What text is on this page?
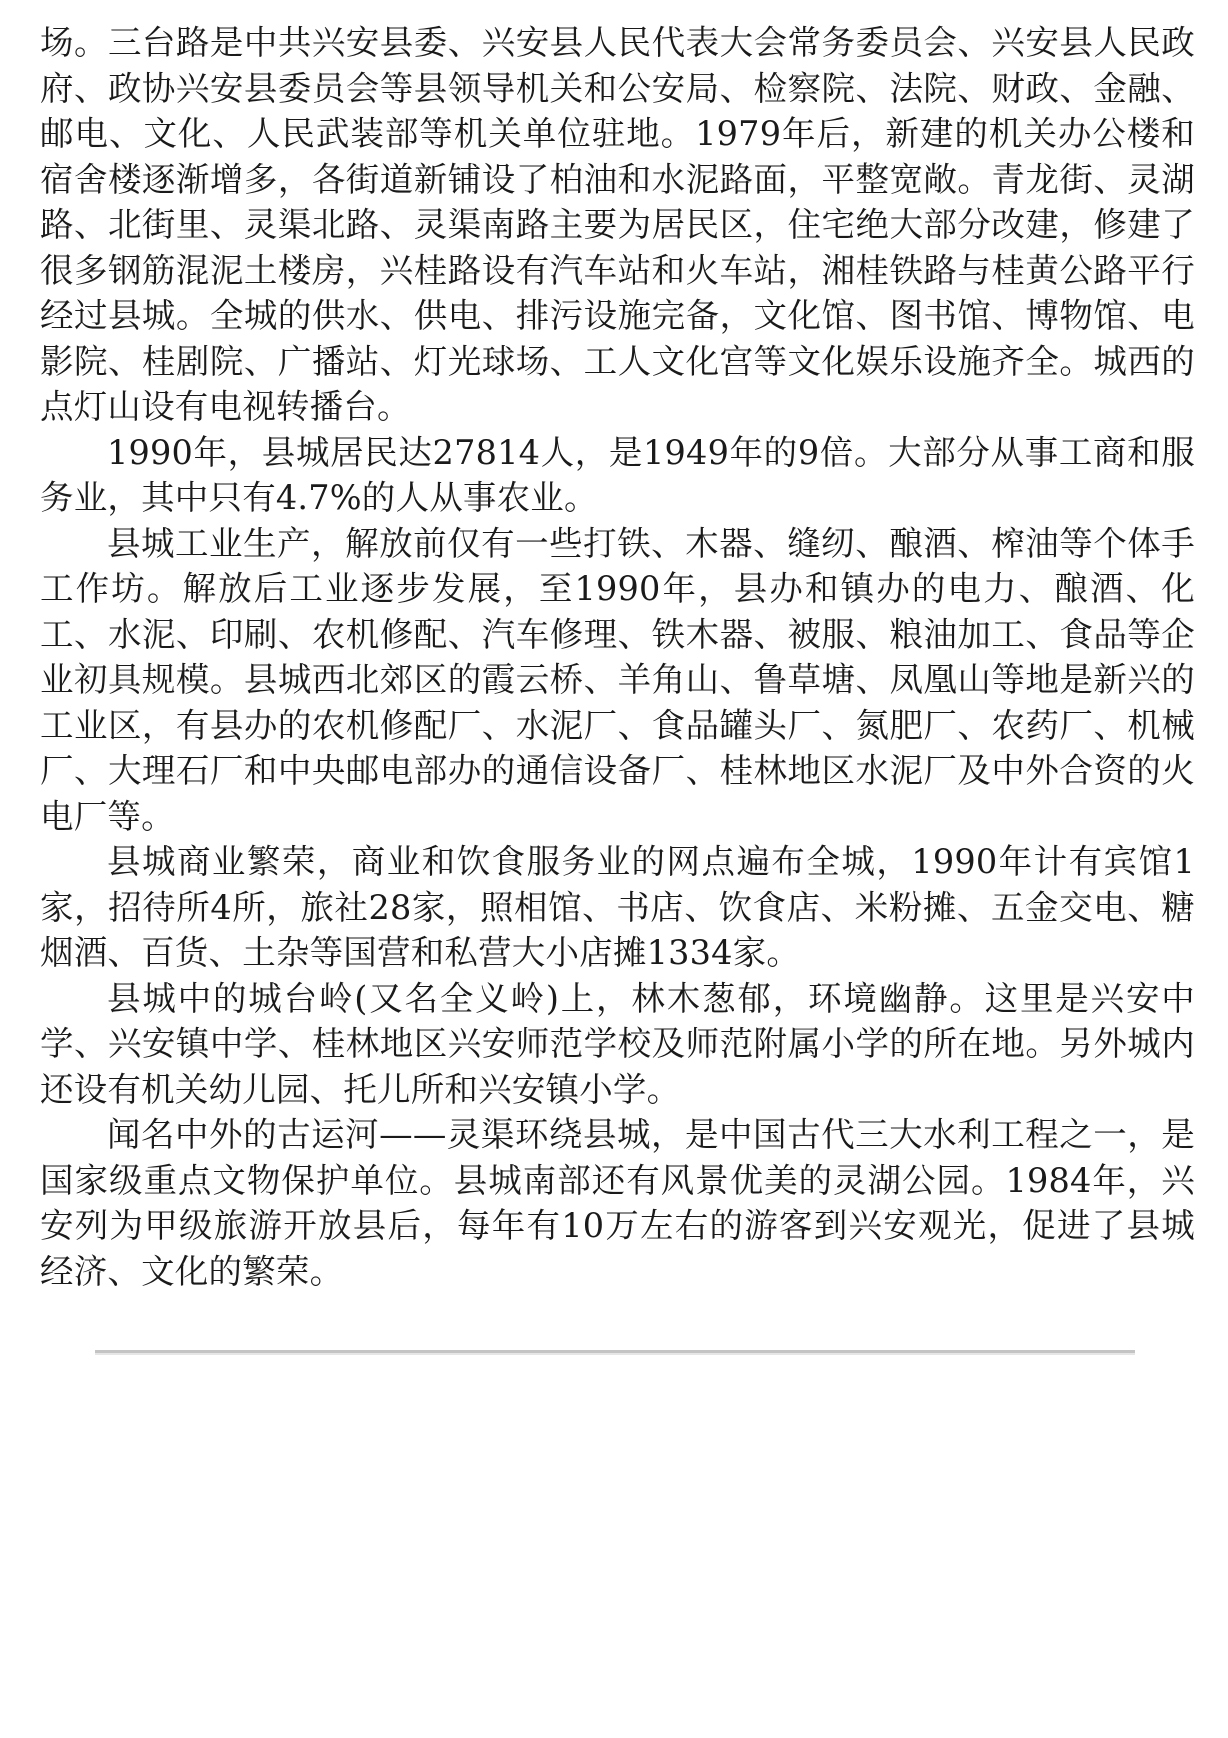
场。三台路是中共兴安县委、兴安县人民代表大会常务委员会、兴安县人民政府、政协兴安县委员会等县领导机关和公安局、检察院、法院、财政、金融、邮电、文化、人民武装部等机关单位驻地。1979年后，新建的机关办公楼和宿舍楼逐渐增多，各街道新铺设了柏油和水泥路面，平整宽敞。青龙街、灵湖路、北街里、灵渠北路、灵渠南路主要为居民区，住宅绝大部分改建，修建了很多钢筋混泥土楼房，兴桂路设有汽车站和火车站，湘桂铁路与桂黄公路平行经过县城。全城的供水、供电、排污设施完备，文化馆、图书馆、博物馆、电影院、桂剧院、广播站、灯光球场、工人文化宫等文化娱乐设施齐全。城西的点灯山设有电视转播台。

1990年，县城居民达27814人，是1949年的9倍。大部分从事工商和服务业，其中只有4.7%的人从事农业。

县城工业生产，解放前仅有一些打铁、木器、缝纫、酿酒、榨油等个体手工作坊。解放后工业逐步发展，至1990年，县办和镇办的电力、酿酒、化工、水泥、印刷、农机修配、汽车修理、铁木器、被服、粮油加工、食品等企业初具规模。县城西北郊区的霞云桥、羊角山、鲁草塘、凤凰山等地是新兴的工业区，有县办的农机修配厂、水泥厂、食品罐头厂、氮肥厂、农药厂、机械厂、大理石厂和中央邮电部办的通信设备厂、桂林地区水泥厂及中外合资的火电厂等。

县城商业繁荣，商业和饮食服务业的网点遍布全城，1990年计有宾馆1家，招待所4所，旅社28家，照相馆、书店、饮食店、米粉摊、五金交电、糖烟酒、百货、土杂等国营和私营大小店摊1334家。

县城中的城台岭(又名全义岭)上，林木葱郁，环境幽静。这里是兴安中学、兴安镇中学、桂林地区兴安师范学校及师范附属小学的所在地。另外城内还设有机关幼儿园、托儿所和兴安镇小学。

闻名中外的古运河——灵渠环绕县城，是中国古代三大水利工程之一，是国家级重点文物保护单位。县城南部还有风景优美的灵湖公园。1984年，兴安列为甲级旅游开放县后，每年有10万左右的游客到兴安观光，促进了县城经济、文化的繁荣。
